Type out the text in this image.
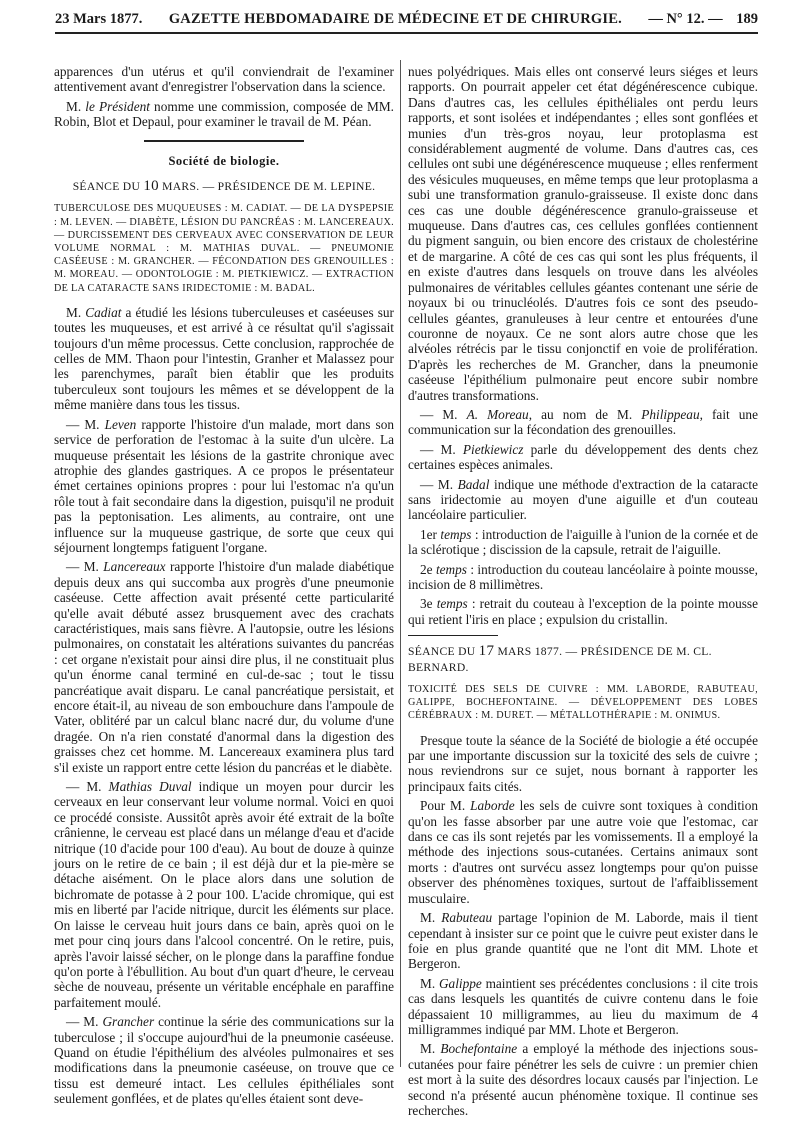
23 Mars 1877. GAZETTE HEBDOMADAIRE DE MÉDECINE ET DE CHIRURGIE. — N° 12. — 189

apparences d'un utérus et qu'il conviendrait de l'examiner attentivement avant d'enregistrer l'observation dans la science.

M. le Président nomme une commission, composée de MM. Robin, Blot et Depaul, pour examiner le travail de M. Péan.

Société de biologie.
SÉANCE DU 10 MARS. — PRÉSIDENCE DE M. LEPINE.
TUBERCULOSE DES MUQUEUSES : M. CADIAT. — DE LA DYSPEPSIE : M. LEVEN. — DIABÈTE, LÉSION DU PANCRÉAS : M. LANCEREAUX. — DURCISSEMENT DES CERVEAUX AVEC CONSERVATION DE LEUR VOLUME NORMAL : M. MATHIAS DUVAL. — PNEUMONIE CASÉEUSE : M. GRANCHER. — FÉCONDATION DES GRENOUILLES : M. MOREAU. — ODONTOLOGIE : M. PIETKIEWICZ. — EXTRACTION DE LA CATARACTE SANS IRIDECTOMIE : M. BADAL.

M. Cadiat a étudié les lésions tuberculeuses et caséeuses sur toutes les muqueuses, et est arrivé à ce résultat qu'il s'agissait toujours d'un même processus. Cette conclusion, rapprochée de celles de MM. Thaon pour l'intestin, Granher et Malassez pour les parenchymes, paraît bien établir que les produits tuberculeux sont toujours les mêmes et se développent de la même manière dans tous les tissus.

— M. Leven rapporte l'histoire d'un malade, mort dans son service de perforation de l'estomac à la suite d'un ulcère. La muqueuse présentait les lésions de la gastrite chronique avec atrophie des glandes gastriques. A ce propos le présentateur émet certaines opinions propres : pour lui l'estomac n'a qu'un rôle tout à fait secondaire dans la digestion, puisqu'il ne produit pas la peptonisation. Les aliments, au contraire, ont une influence sur la muqueuse gastrique, de sorte que ceux qui séjournent longtemps fatiguent l'organe.

— M. Lancereaux rapporte l'histoire d'un malade diabétique depuis deux ans qui succomba aux progrès d'une pneumonie caséeuse. Cette affection avait présenté cette particularité qu'elle avait débuté assez brusquement avec des crachats caractéristiques, mais sans fièvre. A l'autopsie, outre les lésions pulmonaires, on constatait les altérations suivantes du pancréas : cet organe n'existait pour ainsi dire plus, il ne constituait plus qu'un énorme canal terminé en cul-de-sac ; tout le tissu pancréatique avait disparu. Le canal pancréatique persistait, et encore était-il, au niveau de son embouchure dans l'ampoule de Vater, oblitéré par un calcul blanc nacré dur, du volume d'une dragée. On n'a rien constaté d'anormal dans la digestion des graisses chez cet homme. M. Lancereaux examinera plus tard s'il existe un rapport entre cette lésion du pancréas et le diabète.

— M. Mathias Duval indique un moyen pour durcir les cerveaux en leur conservant leur volume normal. Voici en quoi ce procédé consiste. Aussitôt après avoir été extrait de la boîte crânienne, le cerveau est placé dans un mélange d'eau et d'acide nitrique (10 d'acide pour 100 d'eau). Au bout de douze à quinze jours on le retire de ce bain ; il est déjà dur et la pie-mère se détache aisément. On le place alors dans une solution de bichromate de potasse à 2 pour 100. L'acide chromique, qui est mis en liberté par l'acide nitrique, durcit les éléments sur place. On laisse le cerveau huit jours dans ce bain, après quoi on le met pour cinq jours dans l'alcool concentré. On le retire, puis, après l'avoir laissé sécher, on le plonge dans la paraffine fondue qu'on porte à l'ébullition. Au bout d'un quart d'heure, le cerveau sèche de nouveau, présente un véritable encéphale en paraffine parfaitement moulé.

— M. Grancher continue la série des communications sur la tuberculose ; il s'occupe aujourd'hui de la pneumonie caséeuse. Quand on étudie l'épithélium des alvéoles pulmonaires et ses modifications dans la pneumonie caséeuse, on trouve que ce tissu est demeuré intact. Les cellules épithéliales sont seulement gonflées, et de plates qu'elles étaient sont deve-

nues polyédriques. Mais elles ont conservé leurs siéges et leurs rapports. On pourrait appeler cet état dégénérescence cubique. Dans d'autres cas, les cellules épithéliales ont perdu leurs rapports, et sont isolées et indépendantes ; elles sont gonflées et munies d'un très-gros noyau, leur protoplasma est considérablement augmenté de volume. Dans d'autres cas, ces cellules ont subi une dégénérescence muqueuse ; elles renferment des vésicules muqueuses, en même temps que leur protoplasma a subi une transformation granulo-graisseuse. Il existe donc dans ces cas une double dégénérescence granulo-graisseuse et muqueuse. Dans d'autres cas, ces cellules gonflées contiennent du pigment sanguin, ou bien encore des cristaux de cholestérine et de margarine. A côté de ces cas qui sont les plus fréquents, il en existe d'autres dans lesquels on trouve dans les alvéoles pulmonaires de véritables cellules géantes contenant une série de noyaux bi ou trinucléolés. D'autres fois ce sont des pseudo-cellules géantes, granuleuses à leur centre et entourées d'une couronne de noyaux. Ce ne sont alors autre chose que les alvéoles rétrécis par le tissu conjonctif en voie de prolifération. D'après les recherches de M. Grancher, dans la pneumonie caséeuse l'épithélium pulmonaire peut encore subir nombre d'autres transformations.

— M. A. Moreau, au nom de M. Philippeau, fait une communication sur la fécondation des grenouilles.

— M. Pietkiewicz parle du développement des dents chez certaines espèces animales.

— M. Badal indique une méthode d'extraction de la cataracte sans iridectomie au moyen d'une aiguille et d'un couteau lancéolaire particulier.

1er temps : introduction de l'aiguille à l'union de la cornée et de la sclérotique ; discission de la capsule, retrait de l'aiguille.

2e temps : introduction du couteau lancéolaire à pointe mousse, incision de 8 millimètres.

3e temps : retrait du couteau à l'exception de la pointe mousse qui retient l'iris en place ; expulsion du cristallin.

SÉANCE DU 17 MARS 1877. — PRÉSIDENCE DE M. CL. BERNARD.
TOXICITÉ DES SELS DE CUIVRE : MM. LABORDE, RABUTEAU, GALIPPE, BOCHEFONTAINE. — DÉVELOPPEMENT DES LOBES CÉRÉBRAUX : M. DURET. — MÉTALLOTHÉRAPIE : M. ONIMUS.

Presque toute la séance de la Société de biologie a été occupée par une importante discussion sur la toxicité des sels de cuivre ; nous reviendrons sur ce sujet, nous bornant à rapporter les principaux faits cités.

Pour M. Laborde les sels de cuivre sont toxiques à condition qu'on les fasse absorber par une autre voie que l'estomac, car dans ce cas ils sont rejetés par les vomissements. Il a employé la méthode des injections sous-cutanées. Certains animaux sont morts : d'autres ont survécu assez longtemps pour qu'on puisse observer des phénomènes toxiques, surtout de l'affaiblissement musculaire.

M. Rabuteau partage l'opinion de M. Laborde, mais il tient cependant à insister sur ce point que le cuivre peut exister dans le foie en plus grande quantité que ne l'ont dit MM. Lhote et Bergeron.

M. Galippe maintient ses précédentes conclusions : il cite trois cas dans lesquels les quantités de cuivre contenu dans le foie dépassaient 10 milligrammes, au lieu du maximum de 4 milligrammes indiqué par MM. Lhote et Bergeron.

M. Bochefontaine a employé la méthode des injections sous-cutanées pour faire pénétrer les sels de cuivre : un premier chien est mort à la suite des désordres locaux causés par l'injection. Le second n'a présenté aucun phénomène toxique. Il continue ses recherches.
